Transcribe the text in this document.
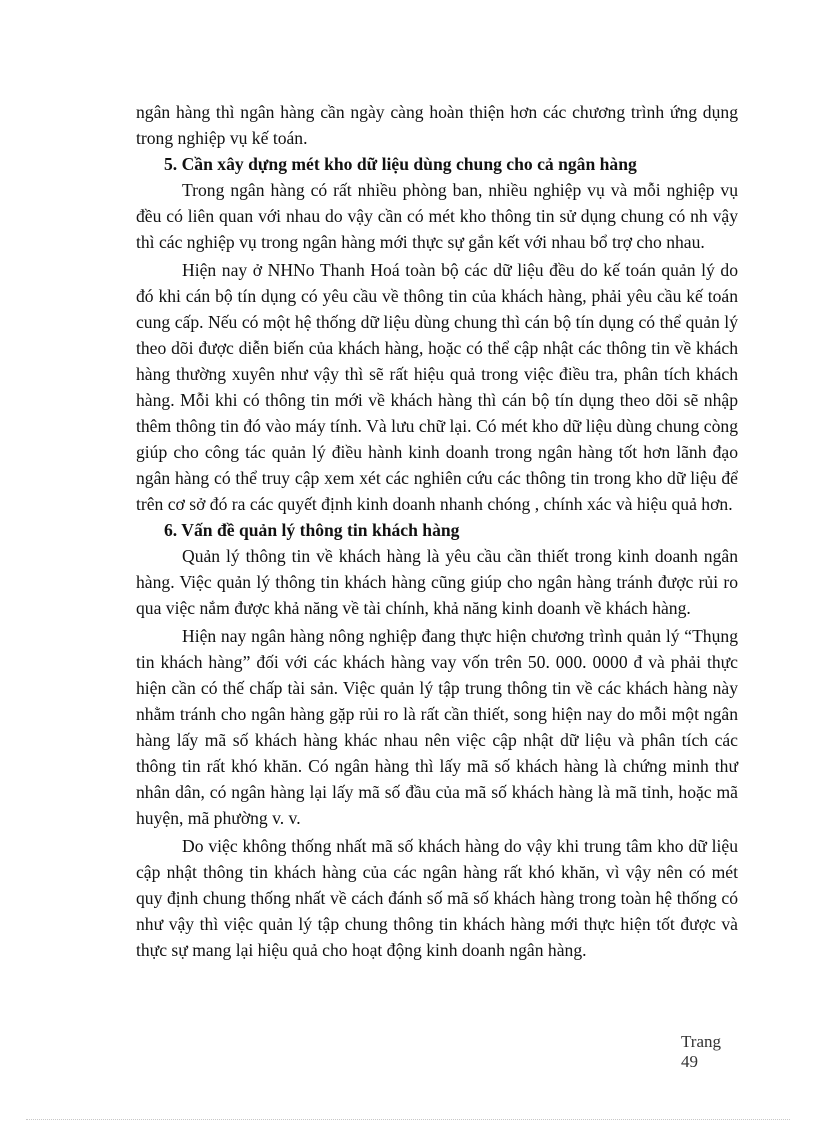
ngân hàng thì ngân hàng cần ngày càng hoàn thiện hơn các chương trình ứng dụng trong nghiệp vụ kế toán.

5. Cần xây dựng mét kho dữ liệu dùng chung cho cả ngân hàng

Trong ngân hàng có rất nhiều phòng ban, nhiều nghiệp vụ và mỗi nghiệp vụ đều có liên quan với nhau do vậy cần có mét kho thông tin sử dụng chung có nh vậy thì các nghiệp vụ trong ngân hàng mới thực sự gắn kết với nhau bổ trợ cho nhau.

Hiện nay ở NHNo Thanh Hoá toàn bộ các dữ liệu đều do kế toán quản lý do đó khi cán bộ tín dụng có yêu cầu về thông tin của khách hàng, phải yêu cầu kế toán cung cấp. Nếu có một hệ thống dữ liệu dùng chung thì cán bộ tín dụng có thể quản lý theo dõi được diễn biến của khách hàng, hoặc có thể cập nhật các thông tin về khách hàng thường xuyên như vậy thì sẽ rất hiệu quả trong việc điều tra, phân tích khách hàng. Mỗi khi có thông tin mới về khách hàng thì cán bộ tín dụng theo dõi sẽ nhập thêm thông tin đó vào máy tính. Và lưu chữ lại. Có mét kho dữ liệu dùng chung còng giúp cho công tác quản lý điều hành kinh doanh trong ngân hàng tốt hơn lãnh đạo ngân hàng có thể truy cập xem xét các nghiên cứu các thông tin trong kho dữ liệu để trên cơ sở đó ra các quyết định kinh doanh nhanh chóng , chính xác và hiệu quả hơn.

6. Vấn đề quản lý thông tin khách hàng

Quản lý thông tin về khách hàng là yêu cầu cần thiết trong kinh doanh ngân hàng. Việc quản lý thông tin khách hàng cũng giúp cho ngân hàng tránh được rủi ro qua việc nắm được khả năng về tài chính, khả năng kinh doanh về khách hàng.

Hiện nay ngân hàng nông nghiệp đang thực hiện chương trình quản lý “Thụng tin khách hàng” đối với các khách hàng vay vốn trên 50. 000. 0000 đ và phải thực hiện cần có thế chấp tài sản. Việc quản lý tập trung thông tin về các khách hàng này nhằm tránh cho ngân hàng gặp rủi ro là rất cần thiết, song hiện nay do mỗi một ngân hàng lấy mã số khách hàng khác nhau nên việc cập nhật dữ liệu và phân tích các thông tin rất khó khăn. Có ngân hàng thì lấy mã số khách hàng là chứng minh thư nhân dân, có ngân hàng lại lấy mã số đầu của mã số khách hàng là mã tỉnh, hoặc mã huyện, mã phường v. v.

Do việc không thống nhất mã số khách hàng do vậy khi trung tâm kho dữ liệu cập nhật thông tin khách hàng của các ngân hàng rất khó khăn, vì vậy nên có mét quy định chung thống nhất về cách đánh số mã số khách hàng trong toàn hệ thống có như vậy thì việc quản lý tập chung thông tin khách hàng mới thực hiện tốt được và thực sự mang lại hiệu quả cho hoạt động kinh doanh ngân hàng.

Trang
49
